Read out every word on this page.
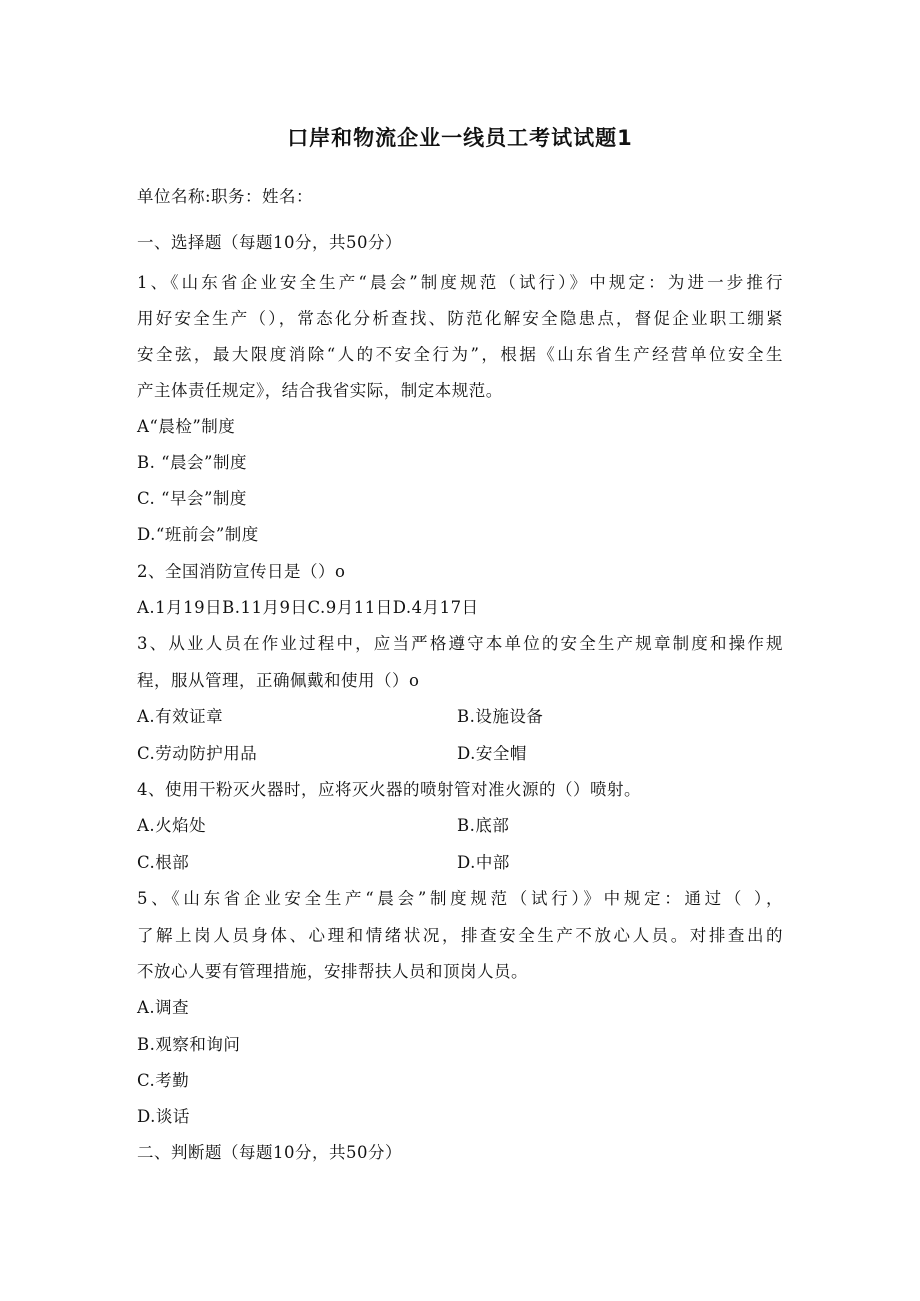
口岸和物流企业一线员工考试试题1
单位名称:职务：姓名：
一、选择题（每题10分，共50分）
1、《山东省企业安全生产“晨会”制度规范（试行）》中规定：为进一步推行
用好安全生产（），常态化分析查找、防范化解安全隐患点，督促企业职工绷紧
安全弦，最大限度消除“人的不安全行为”，根据《山东省生产经营单位安全生
产主体责任规定》，结合我省实际，制定本规范。
A“晨检”制度
B. “晨会”制度
C. “早会”制度
D.“班前会”制度
2、全国消防宣传日是（）o
A.1月19日B.11月9日C.9月11日D.4月17日
3、从业人员在作业过程中，应当严格遵守本单位的安全生产规章制度和操作规
程，服从管理，正确佩戴和使用（）o
A.有效证章	B.设施设备
C.劳动防护用品	D.安全帽
4、使用干粉灭火器时，应将灭火器的喷射管对准火源的（）喷射。
A.火焰处	B.底部
C.根部	D.中部
5、《山东省企业安全生产“晨会”制度规范（试行）》中规定：通过（ ），
了解上岗人员身体、心理和情绪状况，排查安全生产不放心人员。对排查出的
不放心人要有管理措施，安排帮扶人员和顶岗人员。
A.调查
B.观察和询问
C.考勤
D.谈话
二、判断题（每题10分，共50分）
